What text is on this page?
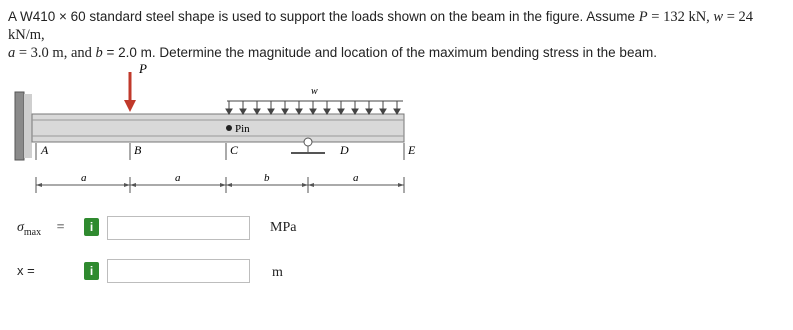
A W410 × 60 standard steel shape is used to support the loads shown on the beam in the figure. Assume P = 132 kN, w = 24 kN/m,
a = 3.0 m, and b = 2.0 m. Determine the magnitude and location of the maximum bending stress in the beam.
P
w
Pin
A	B	C	D	E
a	a	b	a
$\sigma_{max}$ =	i	MPa
x =	i	m
